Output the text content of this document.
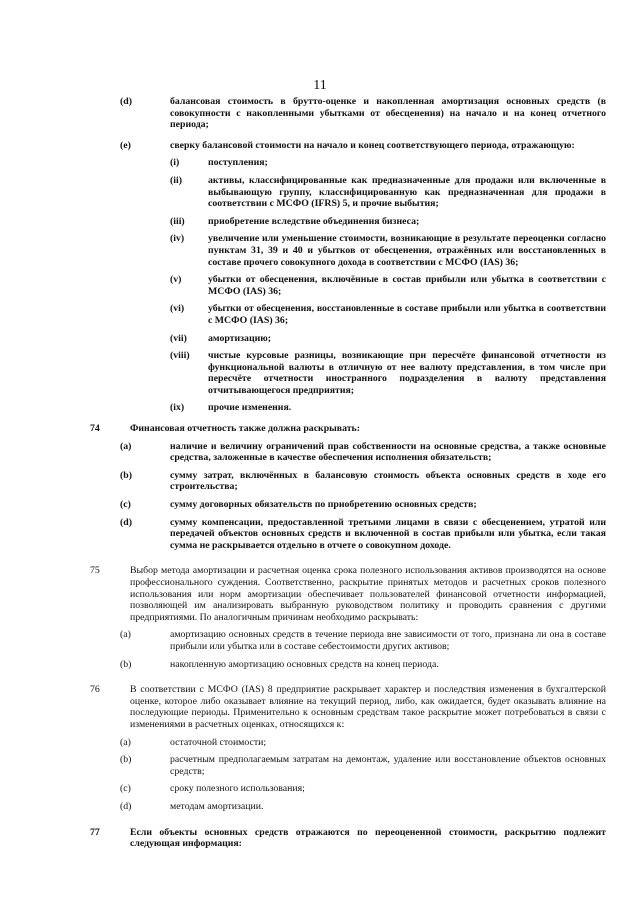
11
(d)	балансовая стоимость в брутто-оценке и накопленная амортизация основных средств (в совокупности с накопленными убытками от обесценения) на начало и на конец отчетного периода;
(e)	сверку балансовой стоимости на начало и конец соответствующего периода, отражающую:
(i)	поступления;
(ii)	активы, классифицированные как предназначенные для продажи или включенные в выбывающую группу, классифицированную как предназначенная для продажи в соответствии с МСФО (IFRS) 5, и прочие выбытия;
(iii)	приобретение вследствие объединения бизнеса;
(iv)	увеличение или уменьшение стоимости, возникающие в результате переоценки согласно пунктам 31, 39 и 40 и убытков от обесценения, отражённых или восстановленных в составе прочего совокупного дохода в соответствии с МСФО (IAS) 36;
(v)	убытки от обесценения, включённые в состав прибыли или убытка в соответствии с МСФО (IAS) 36;
(vi)	убытки от обесценения, восстановленные в составе прибыли или убытка в соответствии с МСФО (IAS) 36;
(vii)	амортизацию;
(viii)	чистые курсовые разницы, возникающие при пересчёте финансовой отчетности из функциональной валюты в отличную от нее валюту представления, в том числе при пересчёте отчетности иностранного подразделения в валюту представления отчитывающегося предприятия;
(ix)	прочие изменения.
74	Финансовая отчетность также должна раскрывать:
(a)	наличие и величину ограничений прав собственности на основные средства, а также основные средства, заложенные в качестве обеспечения исполнения обязательств;
(b)	сумму затрат, включённых в балансовую стоимость объекта основных средств в ходе его строительства;
(c)	сумму договорных обязательств по приобретению основных средств;
(d)	сумму компенсации, предоставленной третьими лицами в связи с обесценением, утратой или передачей объектов основных средств и включенной в состав прибыли или убытка, если такая сумма не раскрывается отдельно в отчете о совокупном доходе.
75	Выбор метода амортизации и расчетная оценка срока полезного использования активов производятся на основе профессионального суждения. Соответственно, раскрытие принятых методов и расчетных сроков полезного использования или норм амортизации обеспечивает пользователей финансовой отчетности информацией, позволяющей им анализировать выбранную руководством политику и проводить сравнения с другими предприятиями. По аналогичным причинам необходимо раскрывать:
(a)	амортизацию основных средств в течение периода вне зависимости от того, признана ли она в составе прибыли или убытка или в составе себестоимости других активов;
(b)	накопленную амортизацию основных средств на конец периода.
76	В соответствии с МСФО (IAS) 8 предприятие раскрывает характер и последствия изменения в бухгалтерской оценке, которое либо оказывает влияние на текущий период, либо, как ожидается, будет оказывать влияние на последующие периоды. Применительно к основным средствам такое раскрытие может потребоваться в связи с изменениями в расчетных оценках, относящихся к:
(a)	остаточной стоимости;
(b)	расчетным предполагаемым затратам на демонтаж, удаление или восстановление объектов основных средств;
(c)	сроку полезного использования;
(d)	методам амортизации.
77	Если объекты основных средств отражаются по переоцененной стоимости, раскрытию подлежит следующая информация:
